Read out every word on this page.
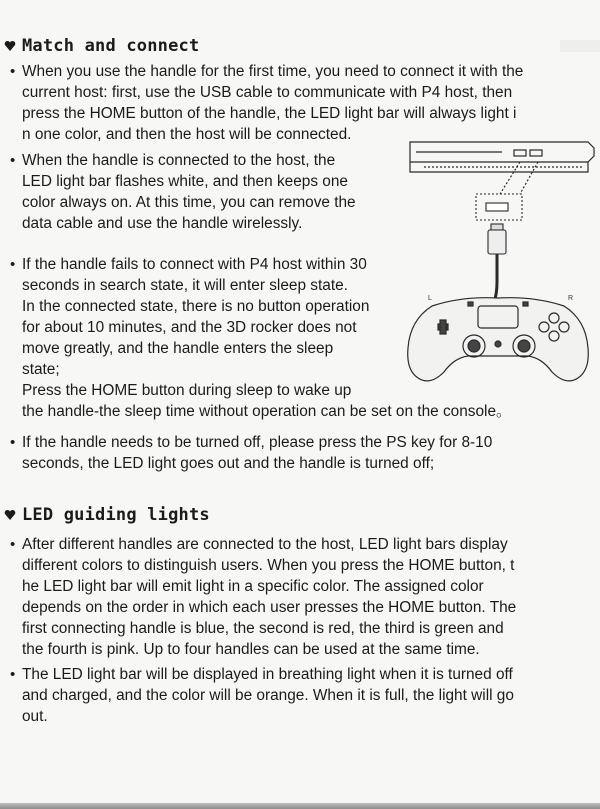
Match and connect
• When you use the handle for the first time, you need to connect it with the
current host: first, use the USB cable to communicate with P4 host, then
press the HOME button of the handle, the LED light bar will always light i
n one color, and then the host will be connected.
• When the handle is connected to the host, the
LED light bar flashes white, and then keeps one
color always on. At this time, you can remove the
data cable and use the handle wirelessly.
• If the handle fails to connect with P4 host within 30
seconds in search state, it will enter sleep state.
In the connected state, there is no button operation
for about 10 minutes, and the 3D rocker does not
move greatly, and the handle enters the sleep
state;
Press the HOME button during sleep to wake up
the handle-the sleep time without operation can be set on the console。
• If the handle needs to be turned off, please press the PS key for 8-10
seconds, the LED light goes out and the handle is turned off;
LED guiding lights
• After different handles are connected to the host, LED light bars display
different colors to distinguish users. When you press the HOME button, t
he LED light bar will emit light in a specific color. The assigned color
depends on the order in which each user presses the HOME button. The
first connecting handle is blue, the second is red, the third is green and
the fourth is pink. Up to four handles can be used at the same time.
• The LED light bar will be displayed in breathing light when it is turned off
and charged, and the color will be orange. When it is full, the light will go
out.
L	R
